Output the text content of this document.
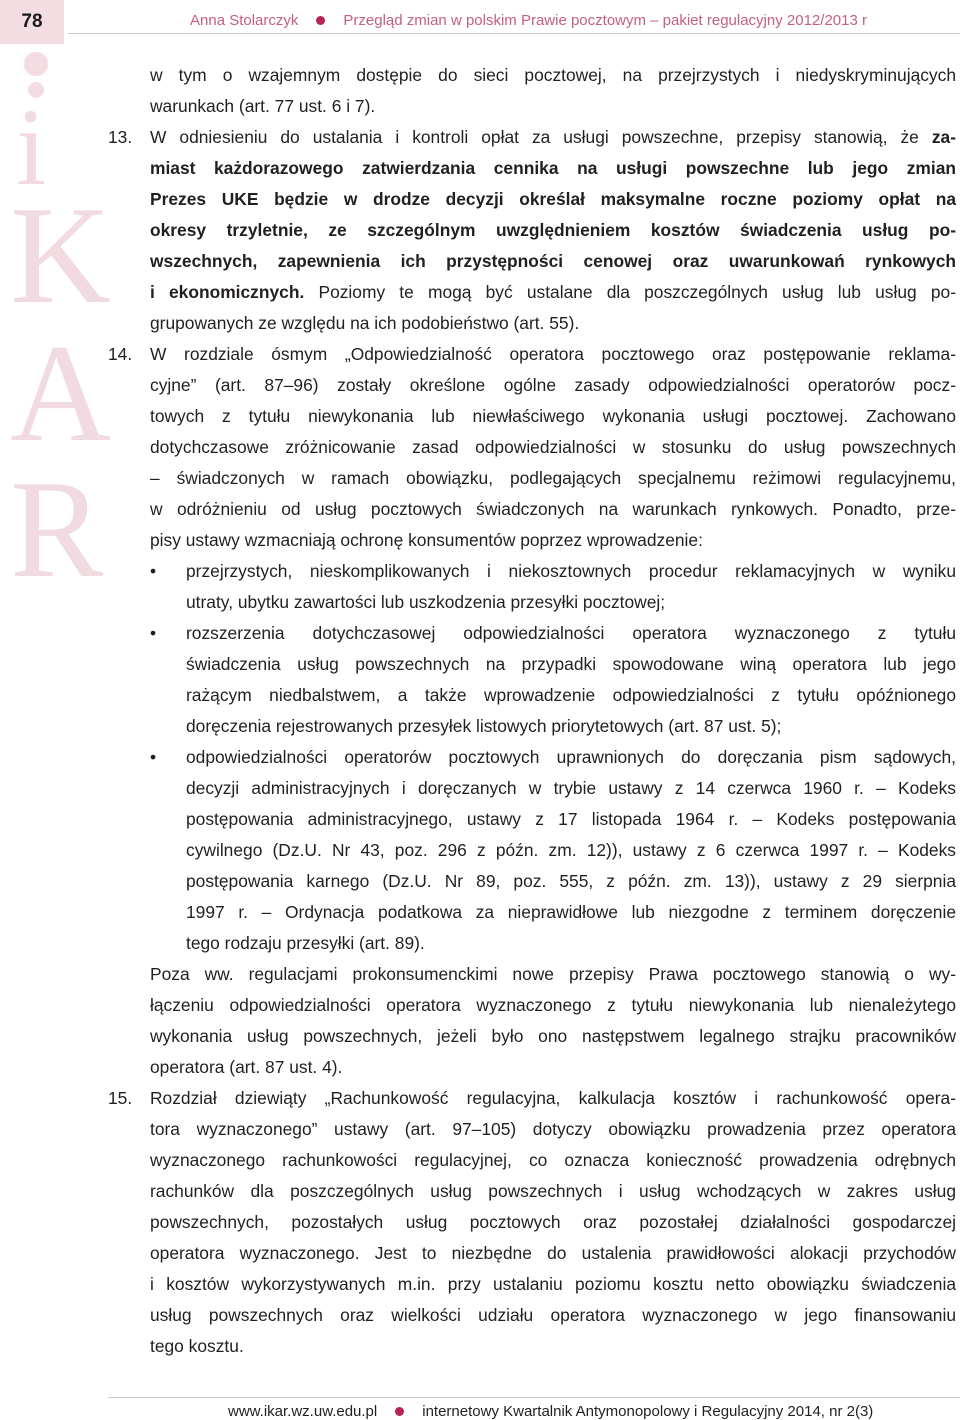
78
i
K
A
R
Anna Stolarczyk	Przegląd zmian w polskim Prawie pocztowym – pakiet regulacyjny 2012/2013 r
w tym o wzajemnym dostępie do sieci pocztowej, na przejrzystych i niedyskryminujących
warunkach (art. 77 ust. 6 i 7).
13. W odniesieniu do ustalania i kontroli opłat za usługi powszechne, przepisy stanowią, że za-
miast każdorazowego zatwierdzania cennika na usługi powszechne lub jego zmian
Prezes UKE będzie w drodze decyzji określał maksymalne roczne poziomy opłat na
okresy trzyletnie, ze szczególnym uwzględnieniem kosztów świadczenia usług po-
wszechnych, zapewnienia ich przystępności cenowej oraz uwarunkowań rynkowych
i ekonomicznych. Poziomy te mogą być ustalane dla poszczególnych usług lub usług po-
grupowanych ze względu na ich podobieństwo (art. 55).
14. W rozdziale ósmym „Odpowiedzialność operatora pocztowego oraz postępowanie reklama-
cyjne” (art. 87–96) zostały określone ogólne zasady odpowiedzialności operatorów pocz-
towych z tytułu niewykonania lub niewłaściwego wykonania usługi pocztowej. Zachowano
dotychczasowe zróżnicowanie zasad odpowiedzialności w stosunku do usług powszechnych
– świadczonych w ramach obowiązku, podlegających specjalnemu reżimowi regulacyjnemu,
w odróżnieniu od usług pocztowych świadczonych na warunkach rynkowych. Ponadto, prze-
pisy ustawy wzmacniają ochronę konsumentów poprzez wprowadzenie:
• przejrzystych, nieskomplikowanych i niekosztownych procedur reklamacyjnych w wyniku
utraty, ubytku zawartości lub uszkodzenia przesyłki pocztowej;
• rozszerzenia dotychczasowej odpowiedzialności operatora wyznaczonego z tytułu
świadczenia usług powszechnych na przypadki spowodowane winą operatora lub jego
rażącym niedbalstwem, a także wprowadzenie odpowiedzialności z tytułu opóźnionego
doręczenia rejestrowanych przesyłek listowych priorytetowych (art. 87 ust. 5);
• odpowiedzialności operatorów pocztowych uprawnionych do doręczania pism sądowych,
decyzji administracyjnych i doręczanych w trybie ustawy z 14 czerwca 1960 r. – Kodeks
postępowania administracyjnego, ustawy z 17 listopada 1964 r. – Kodeks postępowania
cywilnego (Dz.U. Nr 43, poz. 296 z późn. zm. 12)), ustawy z 6 czerwca 1997 r. – Kodeks
postępowania karnego (Dz.U. Nr 89, poz. 555, z późn. zm. 13)), ustawy z 29 sierpnia
1997 r. – Ordynacja podatkowa za nieprawidłowe lub niezgodne z terminem doręczenie
tego rodzaju przesyłki (art. 89).
Poza ww. regulacjami prokonsumenckimi nowe przepisy Prawa pocztowego stanowią o wy-
łączeniu odpowiedzialności operatora wyznaczonego z tytułu niewykonania lub nienależytego
wykonania usług powszechnych, jeżeli było ono następstwem legalnego strajku pracowników
operatora (art. 87 ust. 4).
15. Rozdział dziewiąty „Rachunkowość regulacyjna, kalkulacja kosztów i rachunkowość opera-
tora wyznaczonego” ustawy (art. 97–105) dotyczy obowiązku prowadzenia przez operatora
wyznaczonego rachunkowości regulacyjnej, co oznacza konieczność prowadzenia odrębnych
rachunków dla poszczególnych usług powszechnych i usług wchodzących w zakres usług
powszechnych, pozostałych usług pocztowych oraz pozostałej działalności gospodarczej
operatora wyznaczonego. Jest to niezbędne do ustalenia prawidłowości alokacji przychodów
i kosztów wykorzystywanych m.in. przy ustalaniu poziomu kosztu netto obowiązku świadczenia
usług powszechnych oraz wielkości udziału operatora wyznaczonego w jego finansowaniu
tego kosztu.
www.ikar.wz.uw.edu.pl	internetowy Kwartalnik Antymonopolowy i Regulacyjny 2014, nr 2(3)
